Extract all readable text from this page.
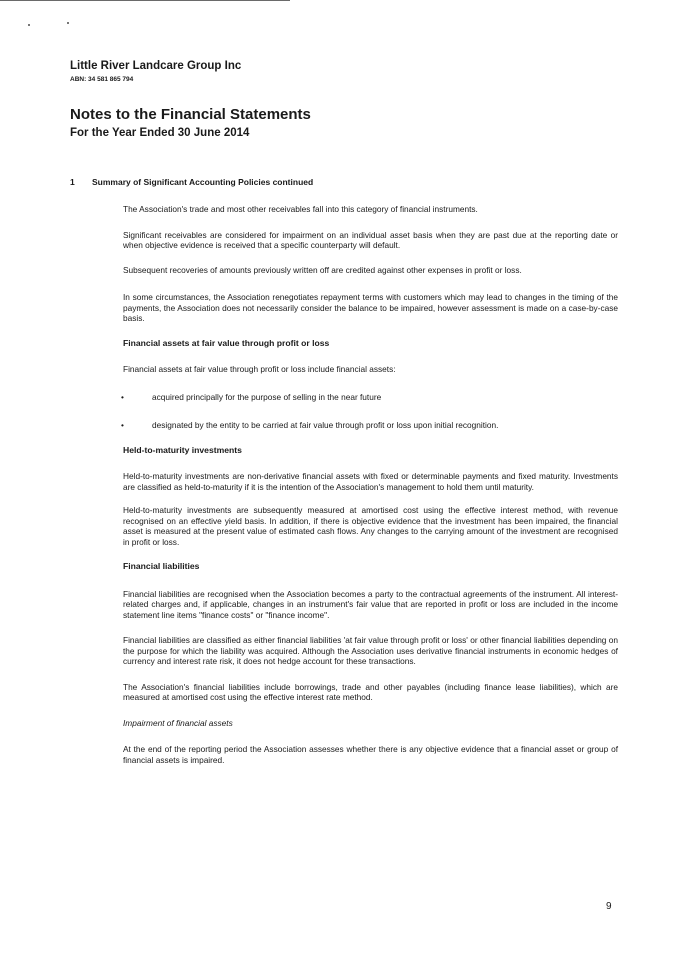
Little River Landcare Group Inc
ABN: 34 581 865 794
Notes to the Financial Statements
For the Year Ended 30 June 2014
1 Summary of Significant Accounting Policies continued

The Association's trade and most other receivables fall into this category of financial instruments.

Significant receivables are considered for impairment on an individual asset basis when they are past due at the reporting date or when objective evidence is received that a specific counterparty will default.

Subsequent recoveries of amounts previously written off are credited against other expenses in profit or loss.

In some circumstances, the Association renegotiates repayment terms with customers which may lead to changes in the timing of the payments, the Association does not necessarily consider the balance to be impaired, however assessment is made on a case-by-case basis.

Financial assets at fair value through profit or loss

Financial assets at fair value through profit or loss include financial assets:

•	acquired principally for the purpose of selling in the near future
•	designated by the entity to be carried at fair value through profit or loss upon initial recognition.
Held-to-maturity investments

Held-to-maturity investments are non-derivative financial assets with fixed or determinable payments and fixed maturity. Investments are classified as held-to-maturity if it is the intention of the Association's management to hold them until maturity.

Held-to-maturity investments are subsequently measured at amortised cost using the effective interest method, with revenue recognised on an effective yield basis. In addition, if there is objective evidence that the investment has been impaired, the financial asset is measured at the present value of estimated cash flows. Any changes to the carrying amount of the investment are recognised in profit or loss.

Financial liabilities

Financial liabilities are recognised when the Association becomes a party to the contractual agreements of the instrument. All interest-related charges and, if applicable, changes in an instrument's fair value that are reported in profit or loss are included in the income statement line items "finance costs" or "finance income".

Financial liabilities are classified as either financial liabilities 'at fair value through profit or loss' or other financial liabilities depending on the purpose for which the liability was acquired. Although the Association uses derivative financial instruments in economic hedges of currency and interest rate risk, it does not hedge account for these transactions.

The Association's financial liabilities include borrowings, trade and other payables (including finance lease liabilities), which are measured at amortised cost using the effective interest rate method.

Impairment of financial assets

At the end of the reporting period the Association assesses whether there is any objective evidence that a financial asset or group of financial assets is impaired.

9
